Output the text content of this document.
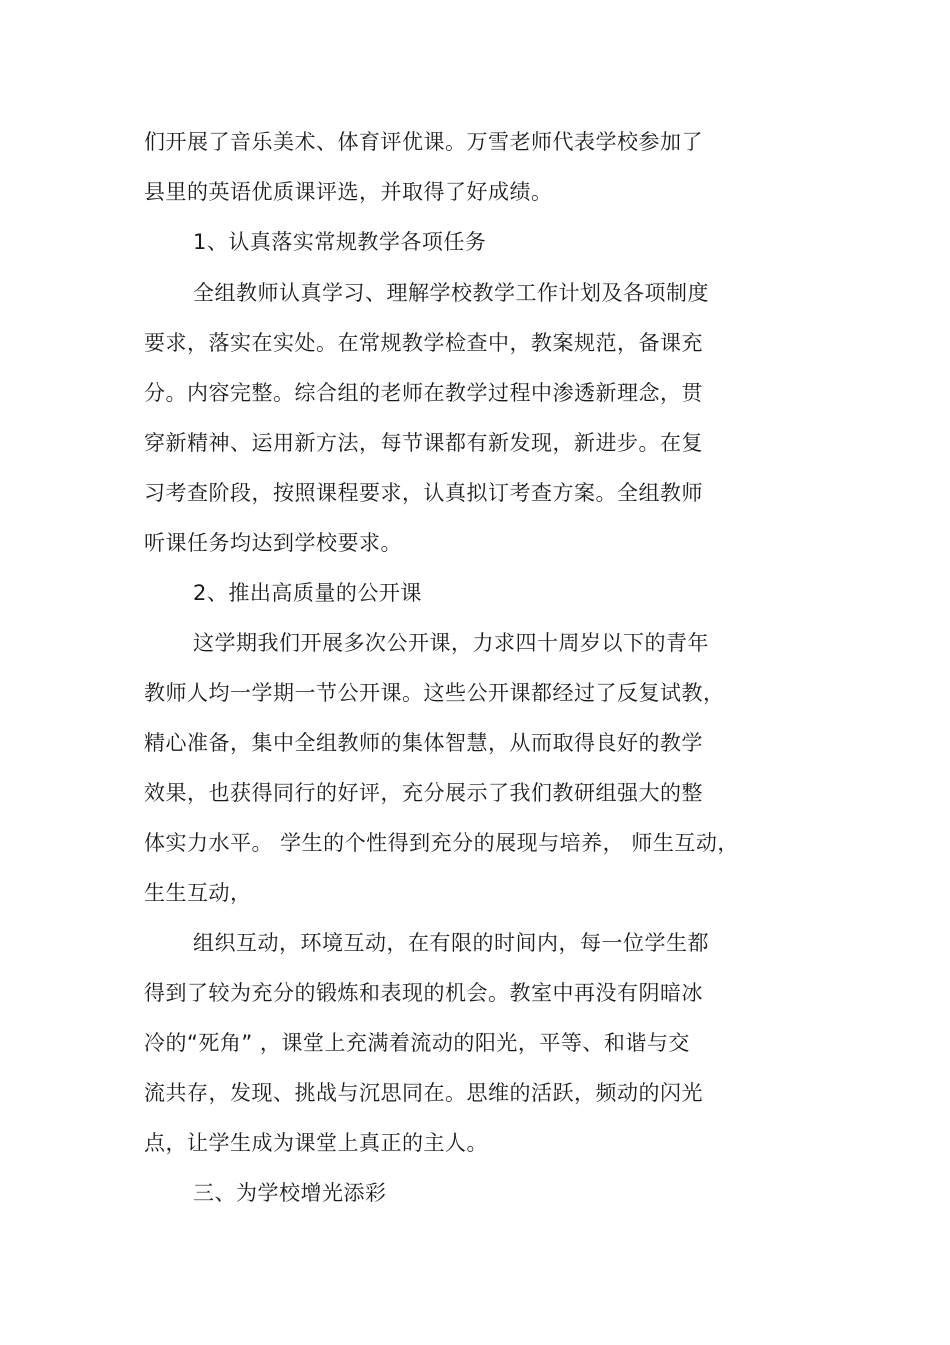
们开展了音乐美术、体育评优课。万雪老师代表学校参加了
县里的英语优质课评选，并取得了好成绩。
1、认真落实常规教学各项任务
全组教师认真学习、理解学校教学工作计划及各项制度
要求，落实在实处。在常规教学检查中，教案规范，备课充
分。内容完整。综合组的老师在教学过程中渗透新理念，贯
穿新精神、运用新方法，每节课都有新发现，新进步。在复
习考查阶段，按照课程要求，认真拟订考查方案。全组教师
听课任务均达到学校要求。
2、推出高质量的公开课
这学期我们开展多次公开课，力求四十周岁以下的青年
教师人均一学期一节公开课。这些公开课都经过了反复试教，
精心准备，集中全组教师的集体智慧，从而取得良好的教学
效果，也获得同行的好评，充分展示了我们教研组强大的整
体实力水平。 学生的个性得到充分的展现与培养， 师生互动，
生生互动，
组织互动，环境互动，在有限的时间内，每一位学生都
得到了较为充分的锻炼和表现的机会。教室中再没有阴暗冰
冷的“死角” ，课堂上充满着流动的阳光，平等、和谐与交
流共存，发现、挑战与沉思同在。思维的活跃，频动的闪光
点，让学生成为课堂上真正的主人。
三、为学校增光添彩
